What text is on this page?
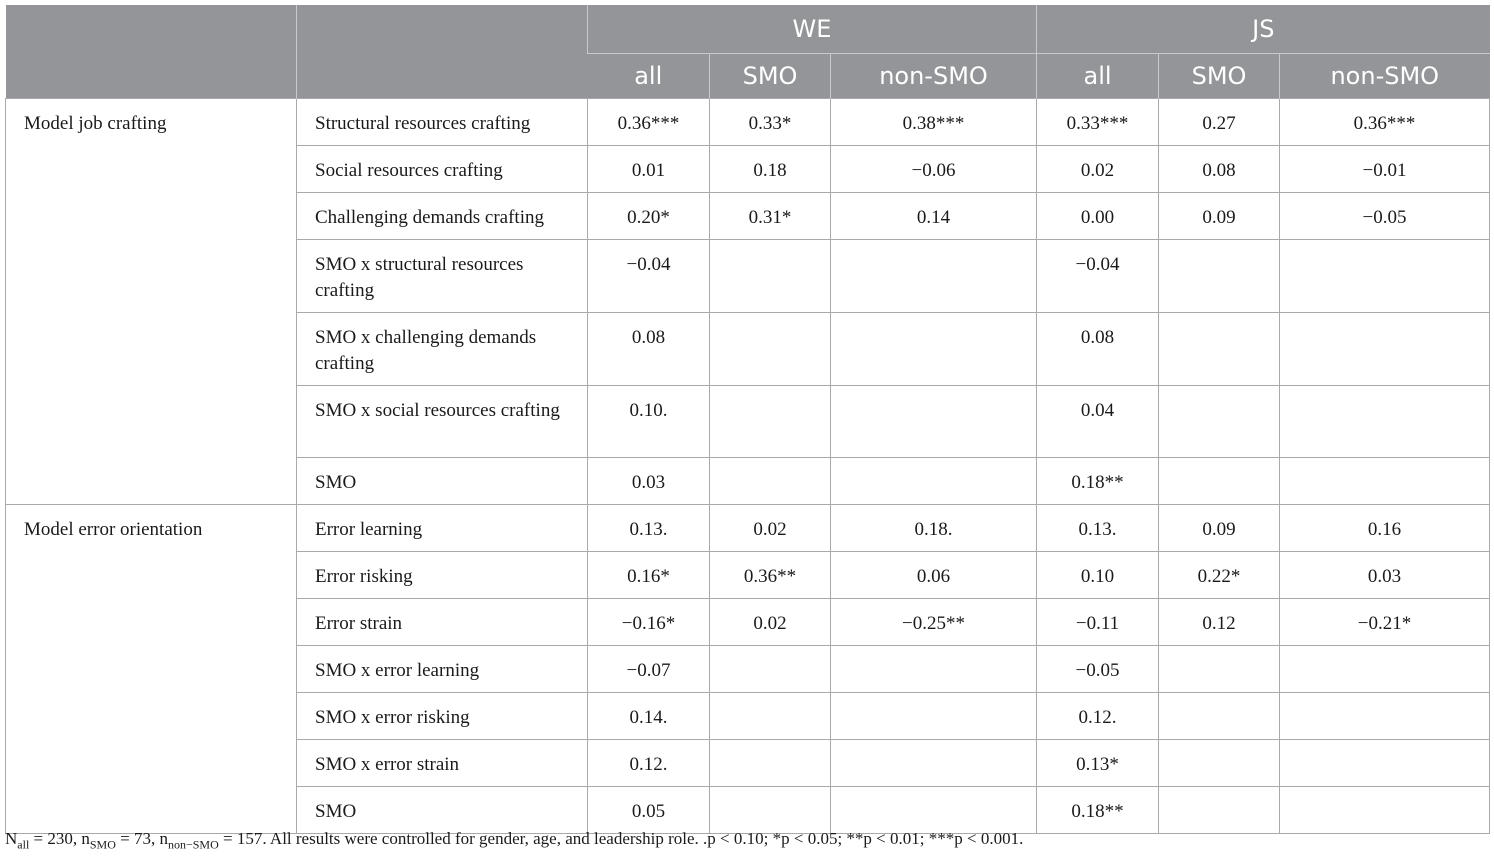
		WE			JS		
		all	SMO	non-SMO	all	SMO	non-SMO
Model job crafting	Structural resources crafting	0.36***	0.33*	0.38***	0.33***	0.27	0.36***
	Social resources crafting	0.01	0.18	−0.06	0.02	0.08	−0.01
	Challenging demands crafting	0.20*	0.31*	0.14	0.00	0.09	−0.05
	SMO x structural resources crafting	−0.04			−0.04		
	SMO x challenging demands crafting	0.08			0.08		
	SMO x social resources crafting	0.10.			0.04		
	SMO	0.03			0.18**		
Model error orientation	Error learning	0.13.	0.02	0.18.	0.13.	0.09	0.16
	Error risking	0.16*	0.36**	0.06	0.10	0.22*	0.03
	Error strain	−0.16*	0.02	−0.25**	−0.11	0.12	−0.21*
	SMO x error learning	−0.07			−0.05		
	SMO x error risking	0.14.			0.12.		
	SMO x error strain	0.12.			0.13*		
	SMO	0.05			0.18**		
$N_{all} = 230$, $n_{SMO} = 73$, $n_{non-SMO} = 157$. All results were controlled for gender, age, and leadership role. .p < 0.10; *p < 0.05; **p < 0.01; ***p < 0.001.
